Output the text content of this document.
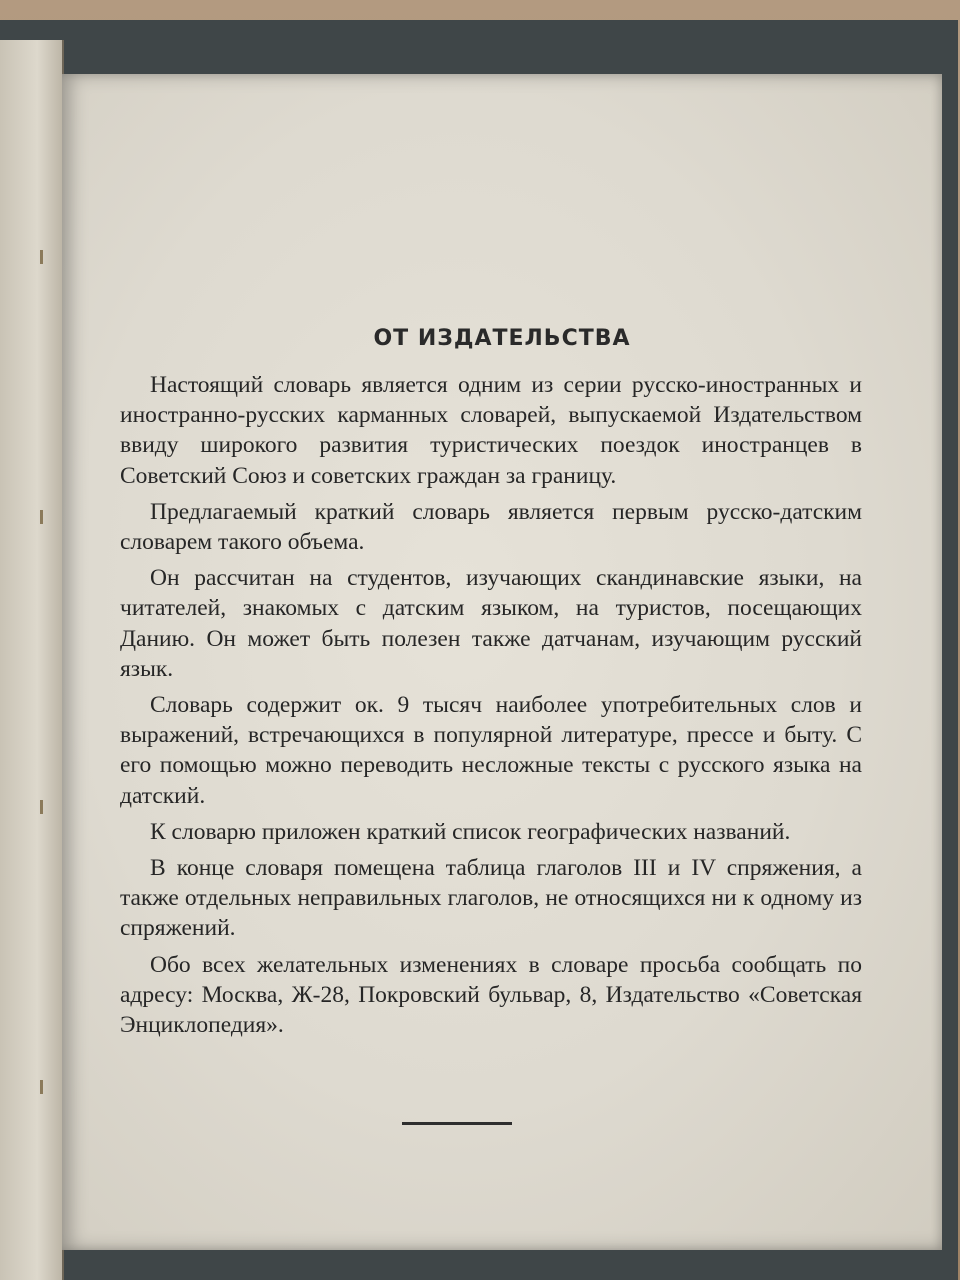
ОТ ИЗДАТЕЛЬСТВА

Настоящий словарь является одним из серии русско-иностранных и иностранно-русских карманных словарей, выпускаемой Издательством ввиду широкого развития туристических поездок иностранцев в Советский Союз и советских граждан за границу.

Предлагаемый краткий словарь является первым русско-датским словарем такого объема.

Он рассчитан на студентов, изучающих скандинавские языки, на читателей, знакомых с датским языком, на туристов, посещающих Данию. Он может быть полезен также датчанам, изучающим русский язык.

Словарь содержит ок. 9 тысяч наиболее употребительных слов и выражений, встречающихся в популярной литературе, прессе и быту. С его помощью можно переводить несложные тексты с русского языка на датский.

К словарю приложен краткий список географических названий.

В конце словаря помещена таблица глаголов III и IV спряжения, а также отдельных неправильных глаголов, не относящихся ни к одному из спряжений.

Обо всех желательных изменениях в словаре просьба сообщать по адресу: Москва, Ж-28, Покровский бульвар, 8, Издательство «Советская Энциклопедия».
